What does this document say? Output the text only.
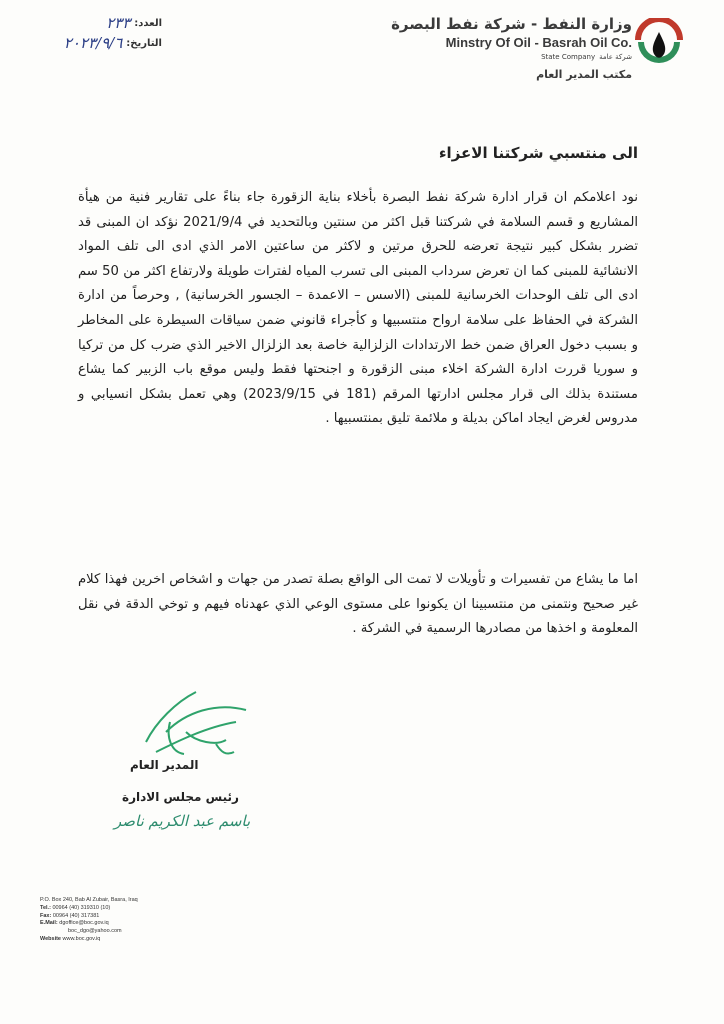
وزارة النفط - شركة نفط البصرة
Minstry Of Oil - Basrah Oil Co.
State Company شركة عامة
مكتب المدير العام
العدد:
٢٣٣
التاريخ:
٢٠٢٣/٩/٦
الى منتسبي شركتنا الاعزاء
نود اعلامكم ان قرار ادارة شركة نفط البصرة بأخلاء بناية الزقورة جاء بناءً على تقارير فنية من هيأة المشاريع و قسم السلامة في شركتنا قبل اكثر من سنتين وبالتحديد في 2021/9/4 نؤكد ان المبنى قد تضرر بشكل كبير نتيجة تعرضه للحرق مرتين و لاكثر من ساعتين الامر الذي ادى الى تلف المواد الانشائية للمبنى كما ان تعرض سرداب المبنى الى تسرب المياه لفترات طويلة ولارتفاع اكثر من 50 سم ادى الى تلف الوحدات الخرسانية للمبنى (الاسس – الاعمدة – الجسور الخرسانية) , وحرصاً من ادارة الشركة في الحفاظ على سلامة ارواح منتسبيها و كأجراء قانوني ضمن سياقات السيطرة على المخاطر و بسبب دخول العراق ضمن خط الارتدادات الزلزالية خاصة بعد الزلزال الاخير الذي ضرب كل من تركيا و سوريا قررت ادارة الشركة اخلاء مبنى الزقورة و اجنحتها فقط وليس موقع باب الزبير كما يشاع مستندة بذلك الى قرار مجلس ادارتها المرقم (181 في 2023/9/15) وهي تعمل بشكل انسيابي و مدروس لغرض ايجاد اماكن بديلة و ملائمة تليق بمنتسبيها .
اما ما يشاع من تفسيرات و تأويلات لا تمت الى الواقع بصلة تصدر من جهات و اشخاص اخرين فهذا كلام غير صحيح ونتمنى من منتسبينا ان يكونوا على مستوى الوعي الذي عهدناه فيهم و توخي الدقة في نقل المعلومة و اخذها من مصادرها الرسمية في الشركة .
المدير العام
رئيس مجلس الادارة
باسم عبد الكريم ناصر
P.O. Box 240, Bab Al Zubair, Basra, Iraq
Tel.: 00964 (40) 319310 (10)
Fax: 00964 (40) 317381
E.Mail: dgoffice@boc.gov.iq
boc_dgo@yahoo.com
Website www.boc.gov.iq
